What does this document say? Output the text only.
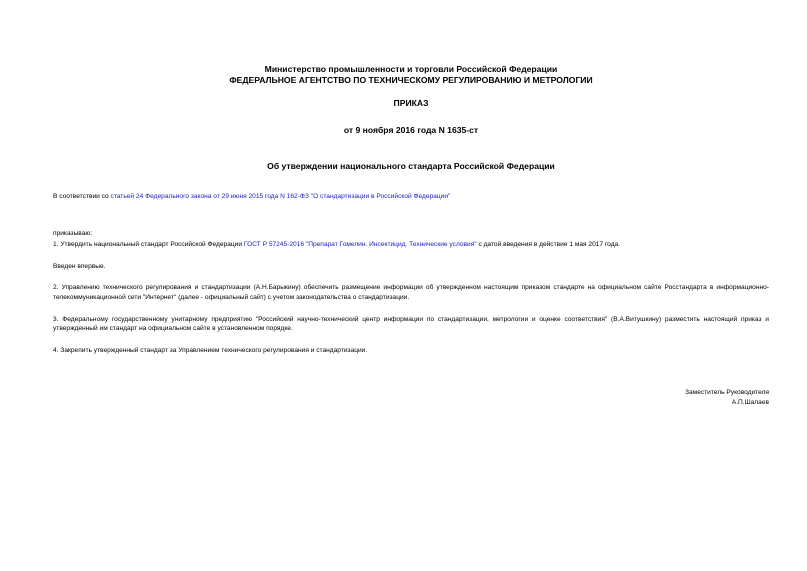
Министерство промышленности и торговли Российской Федерации
ФЕДЕРАЛЬНОЕ АГЕНТСТВО ПО ТЕХНИЧЕСКОМУ РЕГУЛИРОВАНИЮ И МЕТРОЛОГИИ
ПРИКАЗ
от 9 ноября 2016 года N 1635-ст
Об утверждении национального стандарта Российской Федерации
В соответствии со статьей 24 Федерального закона от 29 июня 2015 года N 162-ФЗ "О стандартизации в Российской Федерации"
приказываю:
1. Утвердить национальный стандарт Российской Федерации ГОСТ Р 57245-2016 "Препарат Гомелин. Инсектицид. Технические условия" с датой введения в действие 1 мая 2017 года.
Введен впервые.
2. Управлению технического регулирования и стандартизации (А.Н.Барыкину) обеспечить размещение информации об утвержденном настоящим приказом стандарте на официальном сайте Росстандарта в информационно-телекоммуникационной сети "Интернет" (далее - официальный сайт) с учетом законодательства о стандартизации.
3. Федеральному государственному унитарному предприятию "Российский научно-технический центр информации по стандартизации, метрологии и оценке соответствия" (В.А.Витушкину) разместить настоящий приказ и утвержденный им стандарт на официальном сайте в установленном порядке.
4. Закрепить утвержденный стандарт за Управлением технического регулирования и стандартизации.
Заместитель Руководителя
А.П.Шалаев
